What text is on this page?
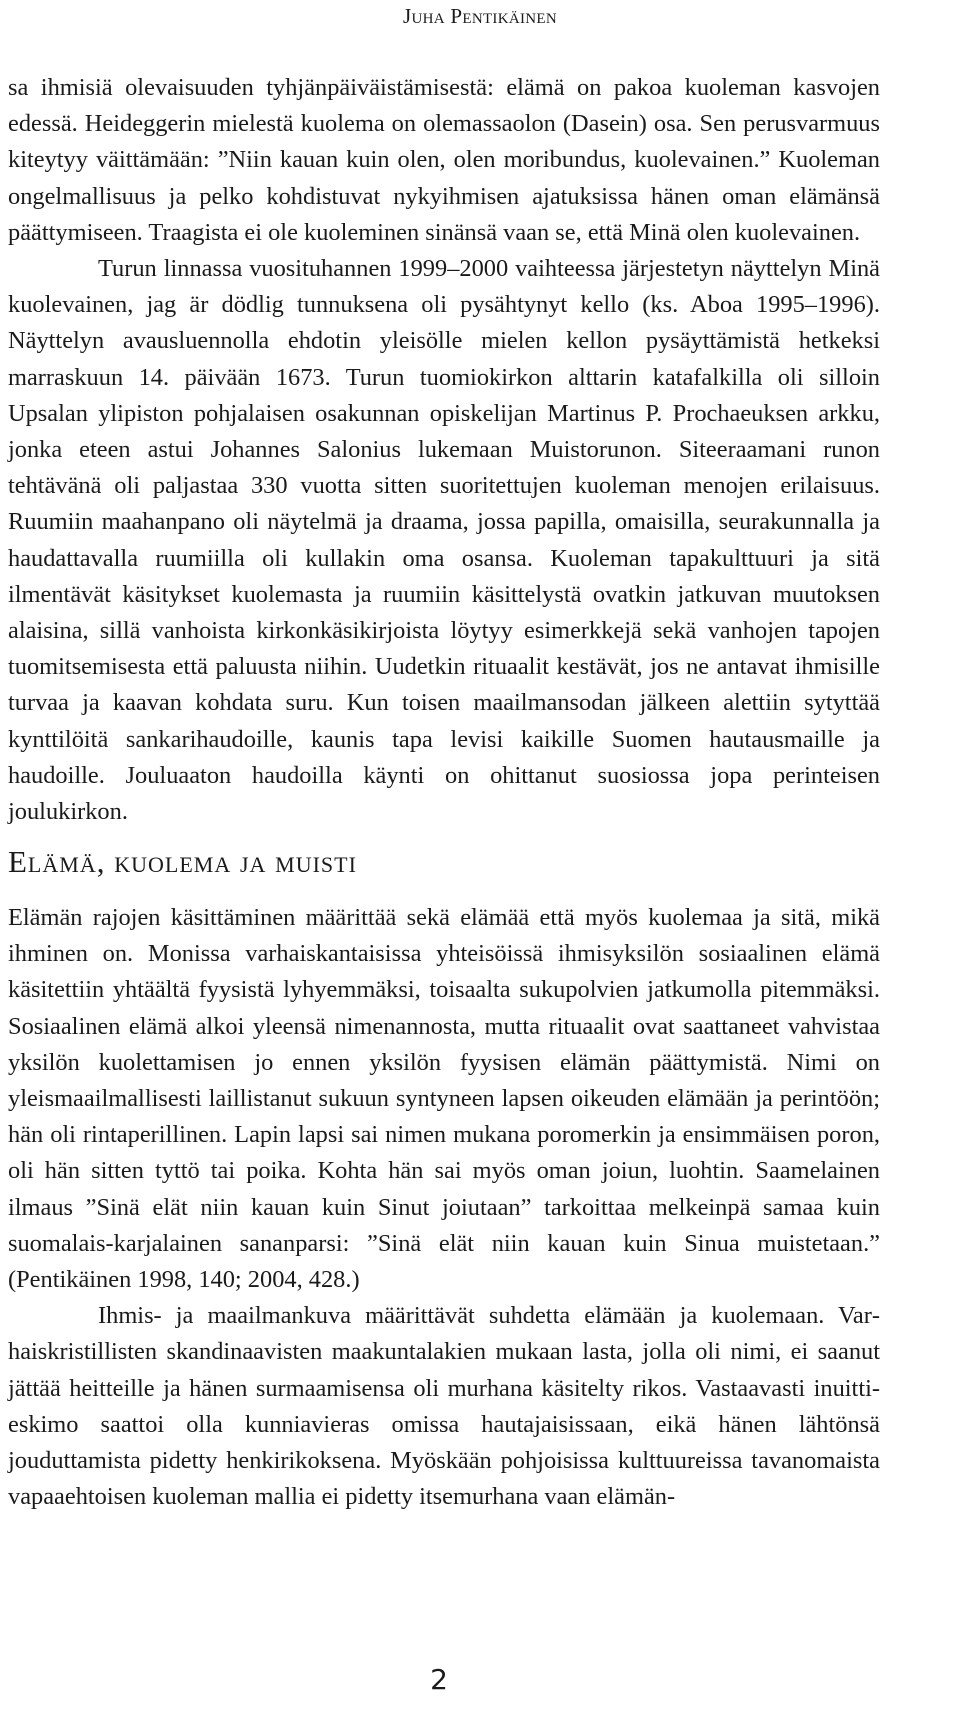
Juha Pentikäinen

sa ihmisiä olevaisuuden tyhjänpäiväistämisestä: elämä on pakoa kuoleman kasvojen edessä. Heideggerin mielestä kuolema on olemassaolon (Dasein) osa. Sen perusvarmuus kiteytyy väittämään: ”Niin kauan kuin olen, olen moribundus, kuolevainen.” Kuoleman ongelmallisuus ja pelko kohdistuvat nykyihmisen ajatuksissa hänen oman elämänsä päättymiseen. Traagista ei ole kuoleminen sinänsä vaan se, että Minä olen kuolevainen.

Turun linnassa vuosituhannen 1999–2000 vaihteessa järjestetyn näyttelyn Minä kuolevainen, jag är dödlig tunnuksena oli pysähtynyt kello (ks. Aboa 1995–1996). Näyttelyn avausluennolla ehdotin yleisölle mielen kellon pysäyttämistä hetkeksi marraskuun 14. päivään 1673. Turun tuomiokirkon alttarin katafalkilla oli silloin Upsalan ylipiston pohjalaisen osakunnan opiskelijan Martinus P. Prochaeuksen arkku, jonka eteen astui Johannes Salonius lukemaan Muistorunon. Siteeraamani runon tehtävänä oli paljastaa 330 vuotta sitten suoritettujen kuoleman menojen erilaisuus. Ruumiin maahanpano oli näytelmä ja draama, jossa papilla, omaisilla, seurakunnalla ja haudattavalla ruumiilla oli kullakin oma osansa. Kuoleman tapakulttuuri ja sitä ilmentävät käsitykset kuolemasta ja ruumiin käsittelystä ovatkin jatkuvan muutoksen alaisina, sillä vanhoista kirkonkäsikirjoista löytyy esimerkkejä sekä vanhojen tapojen tuomitsemisesta että paluusta niihin. Uudetkin rituaalit kestävät, jos ne antavat ihmisille turvaa ja kaavan kohdata suru. Kun toisen maailmansodan jälkeen alettiin sytyttää kynttilöitä sankarihaudoille, kaunis tapa levisi kaikille Suomen hautausmaille ja haudoille. Jouluaaton haudoilla käynti on ohittanut suosiossa jopa perinteisen joulukirkon.

Elämä, kuolema ja muisti

Elämän rajojen käsittäminen määrittää sekä elämää että myös kuolemaa ja sitä, mikä ihminen on. Monissa varhaiskantaisissa yhteisöissä ihmisyksilön sosiaalinen elämä käsitettiin yhtäältä fyysistä lyhyemmäksi, toisaalta sukupolvien jatkumolla pitemmäksi. Sosiaalinen elämä alkoi yleensä nimenannosta, mutta rituaalit ovat saattaneet vahvistaa yksilön kuolettamisen jo ennen yksilön fyysisen elämän päättymistä. Nimi on yleismaailmallisesti laillistanut sukuun syntyneen lapsen oikeuden elämään ja perintöön; hän oli rintaperillinen. Lapin lapsi sai nimen mukana poromerkin ja ensimmäisen poron, oli hän sitten tyttö tai poika. Kohta hän sai myös oman joiun, luohtin. Saamelainen ilmaus ”Sinä elät niin kauan kuin Sinut joiutaan” tarkoittaa melkeinpä samaa kuin suomalais-karjalainen sananparsi: ”Sinä elät niin kauan kuin Sinua muistetaan.” (Pentikäinen 1998, 140; 2004, 428.)

Ihmis- ja maailmankuva määrittävät suhdetta elämään ja kuolemaan. Varhaiskristillisten skandinaavisten maakuntalakien mukaan lasta, jolla oli nimi, ei saanut jättää heitteille ja hänen surmaamisensa oli murhana käsitelty rikos. Vastaavasti inuitti-eskimo saattoi olla kunniavieras omissa hautajaisissaan, eikä hänen lähtönsä jouduttamista pidetty henkirikoksena. Myöskään pohjoisissa kulttuureissa tavanomaista vapaaehtoisen kuoleman mallia ei pidetty itsemurhana vaan elämän-

2
